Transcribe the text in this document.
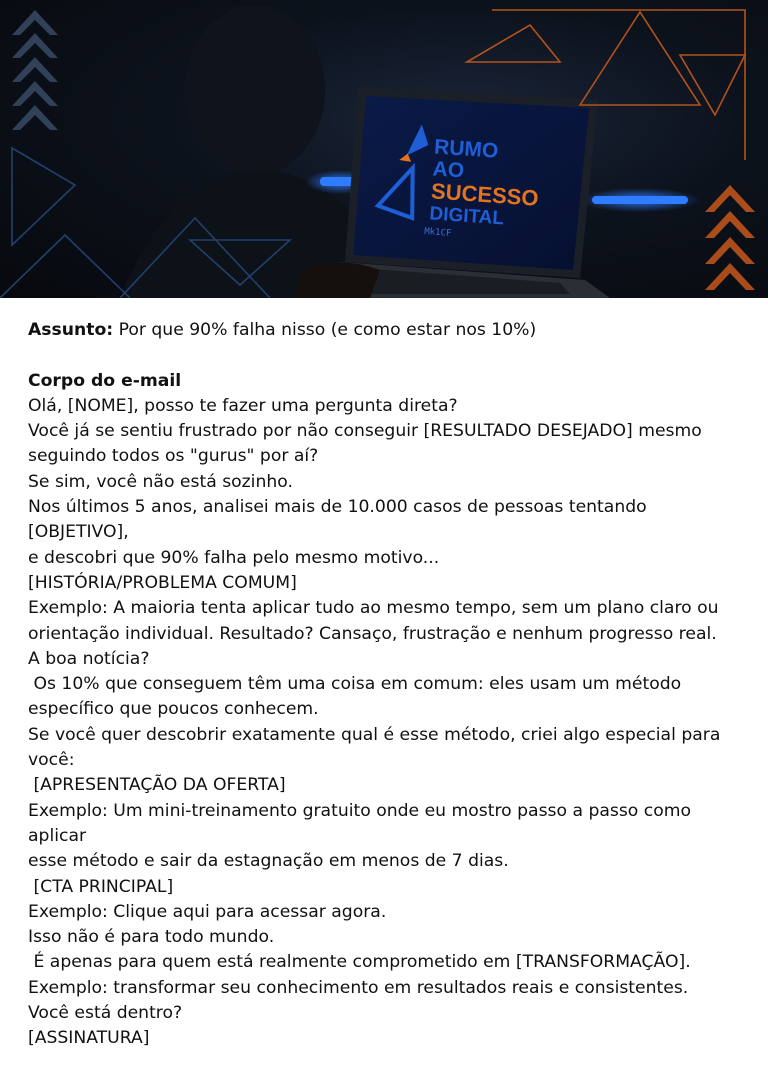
RUMO
AO
SUCESSO
DIGITAL
Mk1CF

Assunto: Por que 90% falha nisso (e como estar nos 10%)

Corpo do e-mail

Olá, [NOME], posso te fazer uma pergunta direta?

Você já se sentiu frustrado por não conseguir [RESULTADO DESEJADO] mesmo

seguindo todos os "gurus" por aí?

Se sim, você não está sozinho.

Nos últimos 5 anos, analisei mais de 10.000 casos de pessoas tentando [OBJETIVO],

e descobri que 90% falha pelo mesmo motivo...

[HISTÓRIA/PROBLEMA COMUM]

Exemplo: A maioria tenta aplicar tudo ao mesmo tempo, sem um plano claro ou

orientação individual. Resultado? Cansaço, frustração e nenhum progresso real.

A boa notícia?

Os 10% que conseguem têm uma coisa em comum: eles usam um método

específico que poucos conhecem.

Se você quer descobrir exatamente qual é esse método, criei algo especial para

você:

[APRESENTAÇÃO DA OFERTA]

Exemplo: Um mini-treinamento gratuito onde eu mostro passo a passo como aplicar

esse método e sair da estagnação em menos de 7 dias.

[CTA PRINCIPAL]

Exemplo: Clique aqui para acessar agora.

Isso não é para todo mundo.

É apenas para quem está realmente comprometido em [TRANSFORMAÇÃO].

Exemplo: transformar seu conhecimento em resultados reais e consistentes.

Você está dentro?

[ASSINATURA]
